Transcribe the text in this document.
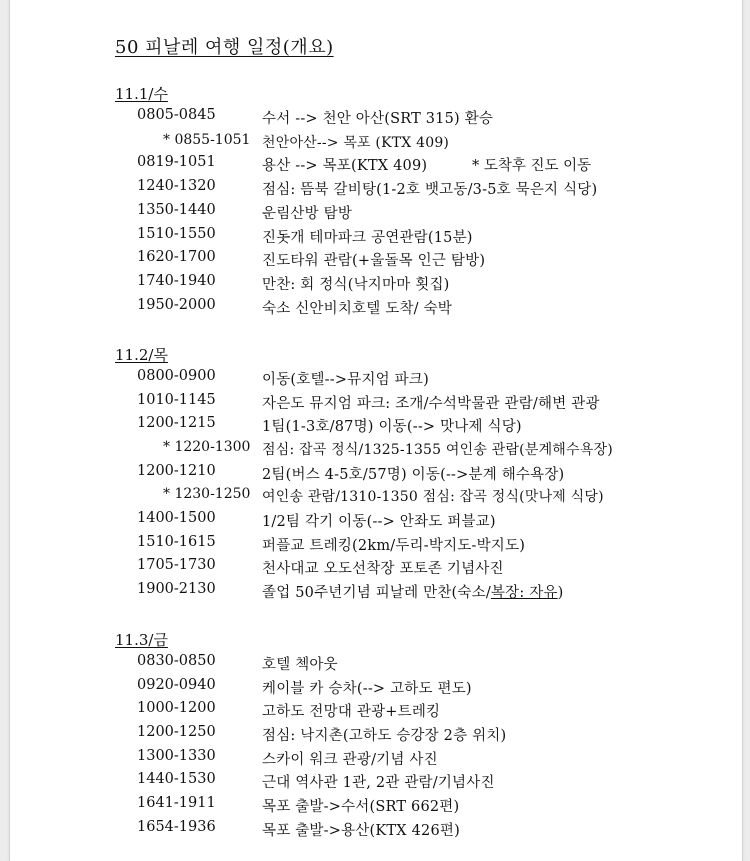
50 피날레 여행 일정(개요)
11.1/수
0805-0845	수서 --> 천안 아산(SRT 315) 환승
* 0855-1051 천안아산--> 목포 (KTX 409)
0819-1051	용산 --> 목포(KTX 409)	* 도착후 진도 이동
1240-1320	점심: 뜸북 갈비탕(1-2호 뱃고동/3-5호 묵은지 식당)
1350-1440	운림산방 탐방
1510-1550	진돗개 테마파크 공연관람(15분)
1620-1700	진도타워 관람(+울돌목 인근 탐방)
1740-1940	만찬: 회 정식(낙지마마 횟집)
1950-2000	숙소 신안비치호텔 도착/ 숙박
11.2/목
0800-0900	이동(호텔-->뮤지엄 파크)
1010-1145	자은도 뮤지엄 파크: 조개/수석박물관 관람/해변 관광
1200-1215	1팀(1-3호/87명) 이동(--> 맛나제 식당)
* 1220-1300 점심: 잡곡 정식/1325-1355 여인송 관람(분계해수욕장)
1200-1210	2팀(버스 4-5호/57명) 이동(-->분계 해수욕장)
* 1230-1250 여인송 관람/1310-1350 점심: 잡곡 정식(맛나제 식당)
1400-1500	1/2팀 각기 이동(--> 안좌도 퍼블교)
1510-1615	퍼플교 트레킹(2km/두리-박지도-박지도)
1705-1730	천사대교 오도선착장 포토존 기념사진
1900-2130	졸업 50주년기념 피날레 만찬(숙소/복장: 자유)
11.3/금
0830-0850	호텔 첵아웃
0920-0940	케이블 카 승차(--> 고하도 편도)
1000-1200	고하도 전망대 관광+트레킹
1200-1250	점심: 낙지촌(고하도 승강장 2층 위치)
1300-1330	스카이 워크 관광/기념 사진
1440-1530	근대 역사관 1관, 2관 관람/기념사진
1641-1911	목포 출발->수서(SRT 662편)
1654-1936	목포 출발->용산(KTX 426편)
